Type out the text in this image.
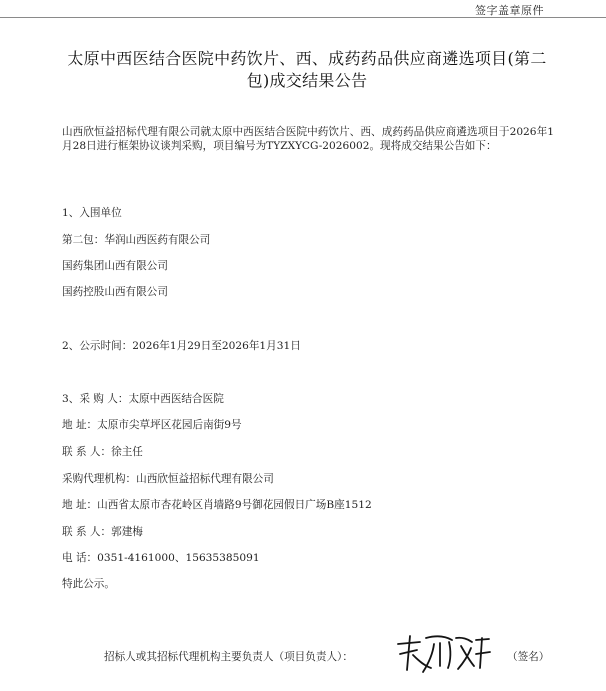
签字盖章原件
太原中西医结合医院中药饮片、西、成药药品供应商遴选项目(第二包)成交结果公告
山西欣恒益招标代理有限公司就太原中西医结合医院中药饮片、西、成药药品供应商遴选项目于2026年1月28日进行框架协议谈判采购，项目编号为TYZXYCG-2026002。现将成交结果公告如下：
1、入围单位
第二包：华润山西医药有限公司
国药集团山西有限公司
国药控股山西有限公司
2、公示时间：2026年1月29日至2026年1月31日
3、采 购 人：太原中西医结合医院
地 址：太原市尖草坪区花园后南街9号
联 系 人：徐主任
采购代理机构：山西欣恒益招标代理有限公司
地 址：山西省太原市杏花岭区肖墙路9号御花园假日广场B座1512
联 系 人：郭建梅
电 话：0351-4161000、15635385091
特此公示。
招标人或其招标代理机构主要负责人（项目负责人）：	（签名）
